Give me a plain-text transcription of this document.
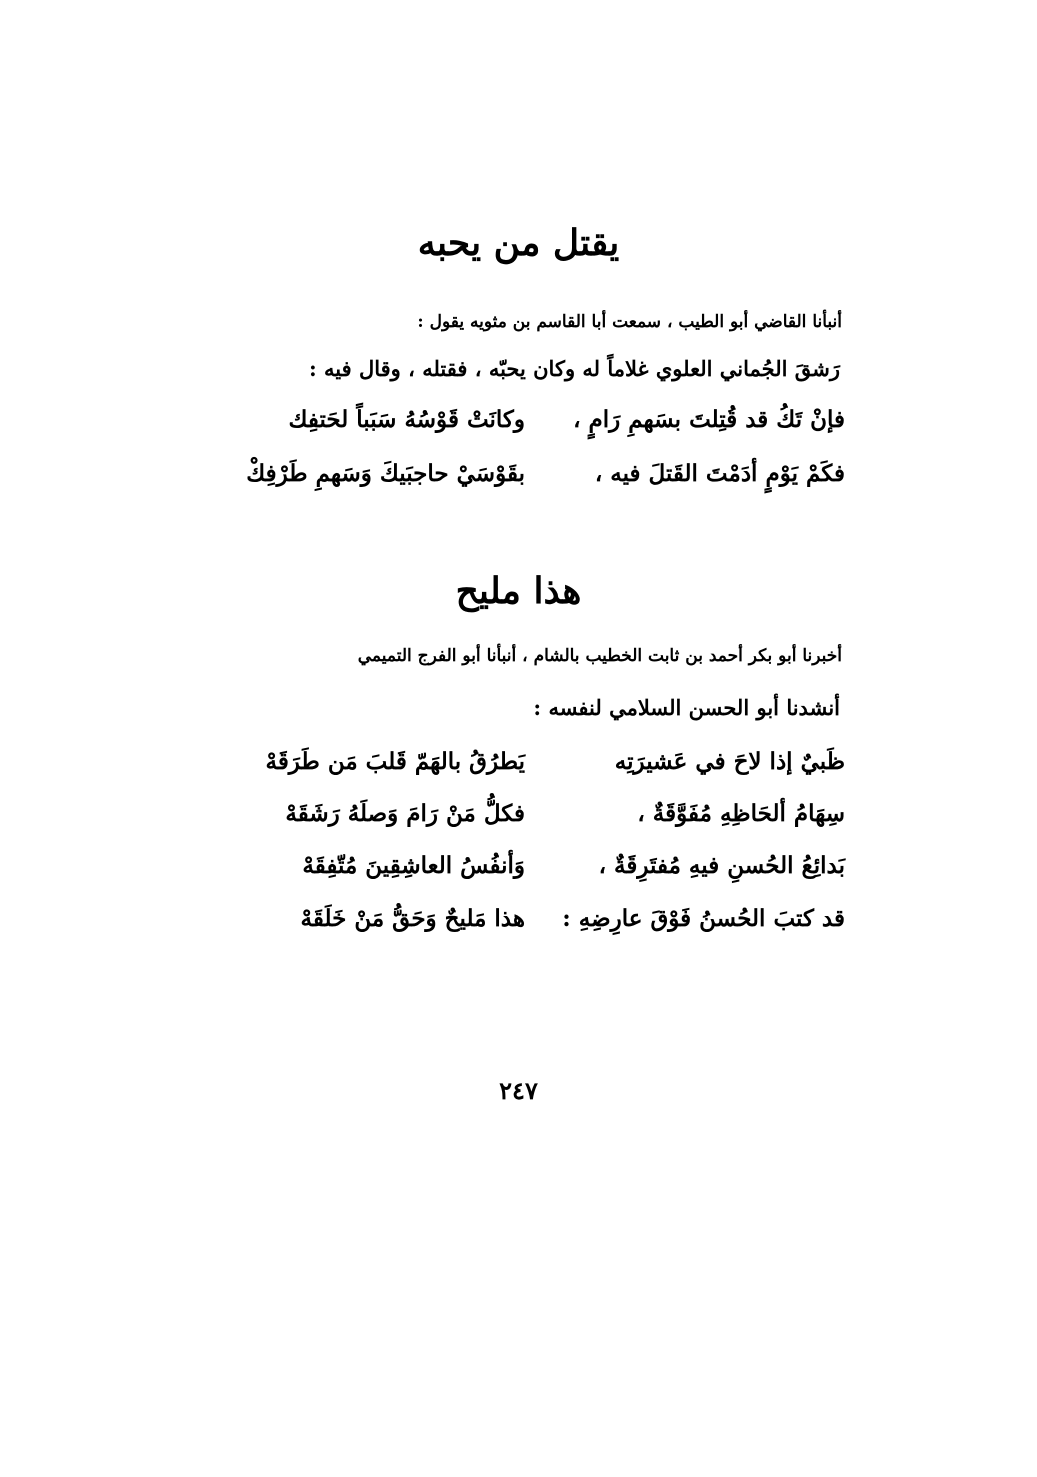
يقتل من يحبه
أنبأنا القاضي أبو الطيب ، سمعت أبا القاسم بن مثويه يقول :
رَشقَ الجُماني العلوي غلاماً له وكان يحبّه ، فقتله ، وقال فيه :
فإنْ تَكُ قد قُتِلتَ بسَهمِ رَامٍ ،
وكانَتْ قَوْسُهُ سَبَباً لحَتفِك
فكَمْ يَوْمٍ أدَمْتَ القَتلَ فيه ،
بقَوْسَيْ حاجبَيكَ وَسَهمِ طَرْفِكْ
هذا مليح
أخبرنا أبو بكر أحمد بن ثابت الخطيب بالشام ، أنبأنا أبو الفرج التميمي
أنشدنا أبو الحسن السلامي لنفسه :
ظَبيٌ إذا لاحَ في عَشيرَتِه
يَطرُقُ بالهَمّ قَلبَ مَن طَرَقَهْ
سِهَامُ ألحَاظِهِ مُفَوَّقَةٌ ،
فكلُّ مَنْ رَامَ وَصلَهُ رَشَقَهْ
بَدائِعُ الحُسنِ فيهِ مُفتَرِقَةٌ ،
وَأنفُسُ العاشِقِينَ مُتّفِقَهْ
قد كتبَ الحُسنُ فَوْقَ عارِضِهِ :
هذا مَليحٌ وَحَقُّ مَنْ خَلَقَهْ
٢٤٧
